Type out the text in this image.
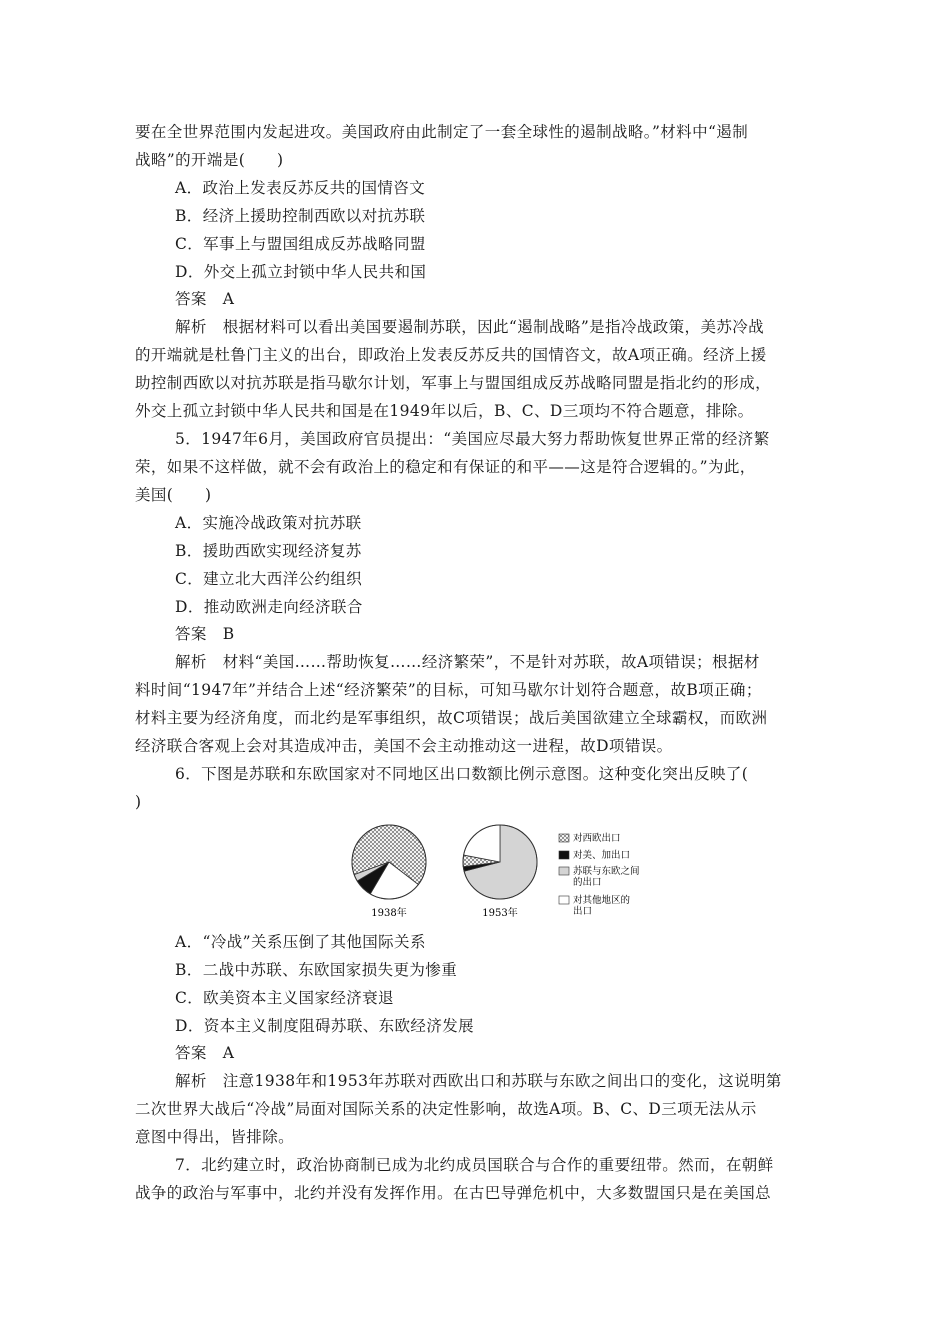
要在全世界范围内发起进攻。美国政府由此制定了一套全球性的遏制战略。”材料中“遏制
战略”的开端是(　　)
A．政治上发表反苏反共的国情咨文
B．经济上援助控制西欧以对抗苏联
C．军事上与盟国组成反苏战略同盟
D．外交上孤立封锁中华人民共和国
答案　A
解析　根据材料可以看出美国要遏制苏联，因此“遏制战略”是指冷战政策，美苏冷战
的开端就是杜鲁门主义的出台，即政治上发表反苏反共的国情咨文，故A项正确。经济上援
助控制西欧以对抗苏联是指马歇尔计划，军事上与盟国组成反苏战略同盟是指北约的形成，
外交上孤立封锁中华人民共和国是在1949年以后，B、C、D三项均不符合题意，排除。
5．1947年6月，美国政府官员提出：“美国应尽最大努力帮助恢复世界正常的经济繁
荣，如果不这样做，就不会有政治上的稳定和有保证的和平——这是符合逻辑的。”为此，
美国(　　)
A．实施冷战政策对抗苏联
B．援助西欧实现经济复苏
C．建立北大西洋公约组织
D．推动欧洲走向经济联合
答案　B
解析　材料“美国……帮助恢复……经济繁荣”，不是针对苏联，故A项错误；根据材
料时间“1947年”并结合上述“经济繁荣”的目标，可知马歇尔计划符合题意，故B项正确；
材料主要为经济角度，而北约是军事组织，故C项错误；战后美国欲建立全球霸权，而欧洲
经济联合客观上会对其造成冲击，美国不会主动推动这一进程，故D项错误。
6．下图是苏联和东欧国家对不同地区出口数额比例示意图。这种变化突出反映了(
)
1938年	1953年
对西欧出口
对美、加出口
苏联与东欧之间的出口
对其他地区的出口
A．“冷战”关系压倒了其他国际关系
B．二战中苏联、东欧国家损失更为惨重
C．欧美资本主义国家经济衰退
D．资本主义制度阻碍苏联、东欧经济发展
答案　A
解析　注意1938年和1953年苏联对西欧出口和苏联与东欧之间出口的变化，这说明第
二次世界大战后“冷战”局面对国际关系的决定性影响，故选A项。B、C、D三项无法从示
意图中得出，皆排除。
7．北约建立时，政治协商制已成为北约成员国联合与合作的重要纽带。然而，在朝鲜
战争的政治与军事中，北约并没有发挥作用。在古巴导弹危机中，大多数盟国只是在美国总
